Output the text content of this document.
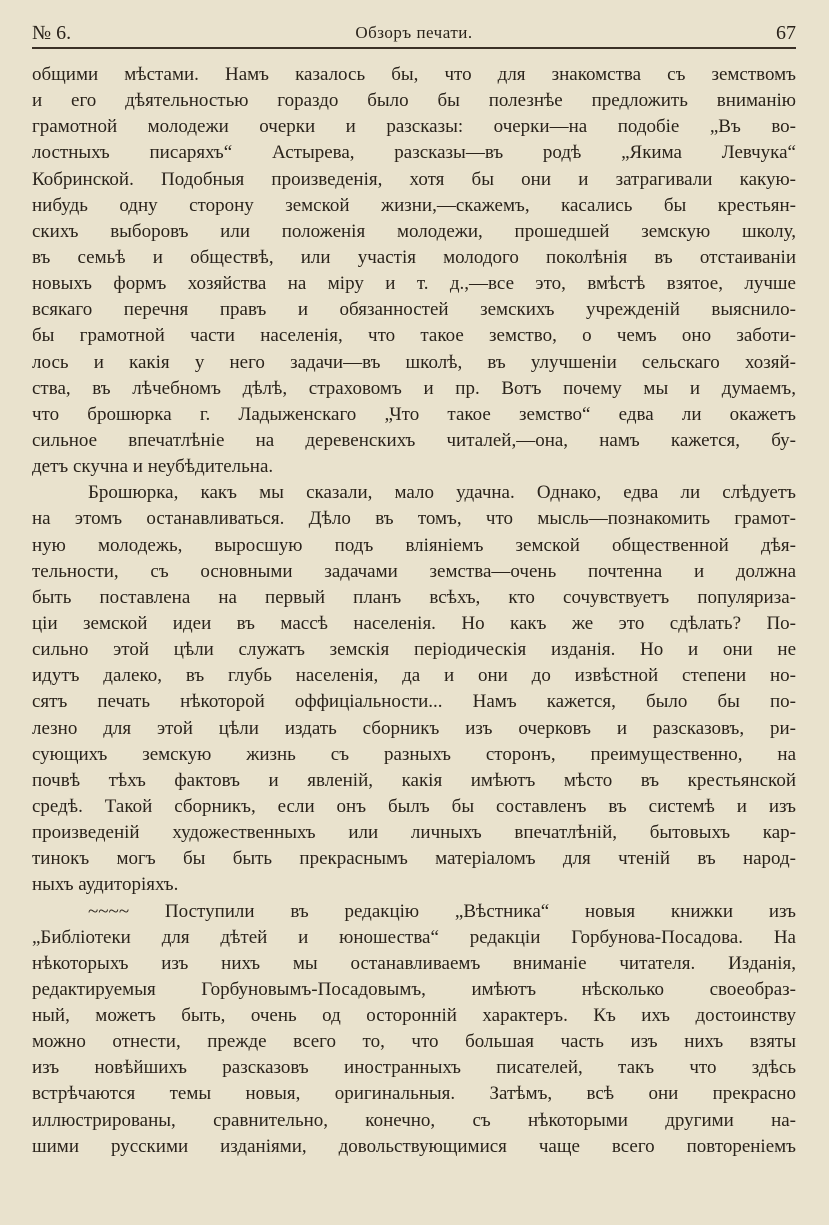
№ 6.	Обзоръ печати.	67
общими мѣстами. Намъ казалось бы, что для знакомства съ земствомъ
и его дѣятельностью гораздо было бы полезнѣе предложить вниманію
грамотной молодежи очерки и разсказы: очерки—на подобіе „Въ во-
лостныхъ писаряхъ“ Астырева, разсказы—въ родѣ „Якима Левчука“
Кобринской. Подобныя произведенія, хотя бы они и затрагивали какую-
нибудь одну сторону земской жизни,—скажемъ, касались бы крестьян-
скихъ выборовъ или положенія молодежи, прошедшей земскую школу,
въ семьѣ и обществѣ, или участія молодого поколѣнія въ отстаиваніи
новыхъ формъ хозяйства на міру и т. д.,—все это, вмѣстѣ взятое, лучше
всякаго перечня правъ и обязанностей земскихъ учрежденій выяснило-
бы грамотной части населенія, что такое земство, о чемъ оно заботи-
лось и какія у него задачи—въ школѣ, въ улучшеніи сельскаго хозяй-
ства, въ лѣчебномъ дѣлѣ, страховомъ и пр. Вотъ почему мы и думаемъ,
что брошюрка г. Ладыженскаго „Что такое земство“ едва ли окажетъ
сильное впечатлѣніе на деревенскихъ читалей,—она, намъ кажется, бу-
детъ скучна и неубѣдительна.
Брошюрка, какъ мы сказали, мало удачна. Однако, едва ли слѣдуетъ
на этомъ останавливаться. Дѣло въ томъ, что мысль—познакомить грамот-
ную молодежь, выросшую подъ вліяніемъ земской общественной дѣя-
тельности, съ основными задачами земства—очень почтенна и должна
быть поставлена на первый планъ всѣхъ, кто сочувствуетъ популяриза-
ціи земской идеи въ массѣ населенія. Но какъ же это сдѣлать? По-
сильно этой цѣли служатъ земскія періодическія изданія. Но и они не
идутъ далеко, въ глубь населенія, да и они до извѣстной степени но-
сятъ печать нѣкоторой оффиціальности... Намъ кажется, было бы по-
лезно для этой цѣли издать сборникъ изъ очерковъ и разсказовъ, ри-
сующихъ земскую жизнь съ разныхъ сторонъ, преимущественно, на
почвѣ тѣхъ фактовъ и явленій, какія имѣютъ мѣсто въ крестьянской
средѣ. Такой сборникъ, если онъ былъ бы составленъ въ системѣ и изъ
произведеній художественныхъ или личныхъ впечатлѣній, бытовыхъ кар-
тинокъ могъ бы быть прекраснымъ матеріаломъ для чтеній въ народ-
ныхъ аудиторіяхъ.
~~~~ Поступили въ редакцію „Вѣстника“ новыя книжки изъ
„Библіотеки для дѣтей и юношества“ редакціи Горбунова-Посадова. На
нѣкоторыхъ изъ нихъ мы останавливаемъ вниманіе читателя. Изданія,
редактируемыя Горбуновымъ-Посадовымъ, имѣютъ нѣсколько своеобраз-
ный, можетъ быть, очень од осторонній характеръ. Къ ихъ достоинству
можно отнести, прежде всего то, что большая часть изъ нихъ взяты
изъ новѣйшихъ разсказовъ иностранныхъ писателей, такъ что здѣсь
встрѣчаются темы новыя, оригинальныя. Затѣмъ, всѣ они прекрасно
иллюстрированы, сравнительно, конечно, съ нѣкоторыми другими на-
шими русскими изданіями, довольствующимися чаще всего повтореніемъ
